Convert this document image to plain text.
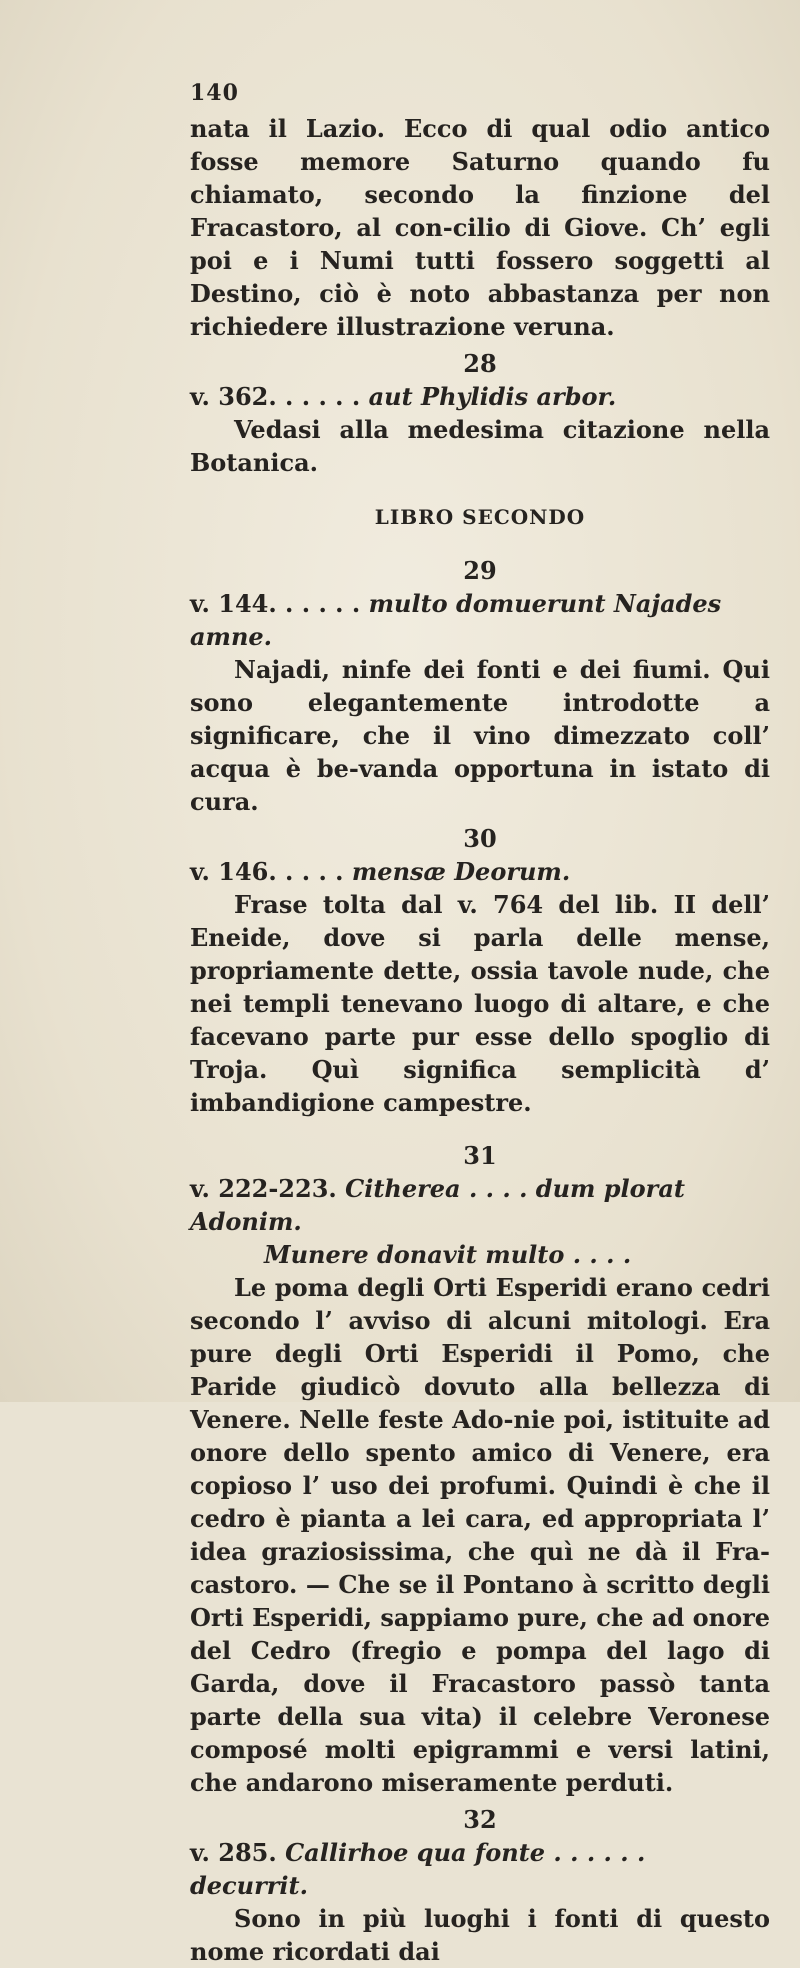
140

nata il Lazio. Ecco di qual odio antico fosse memore Saturno quando fu chiamato, secondo la finzione del Fracastoro, al con-cilio di Giove. Ch’ egli poi e i Numi tutti fossero soggetti al Destino, ciò è noto abbastanza per non richiedere illustrazione veruna.

28

v. 362. . . . . . aut Phylidis arbor.

Vedasi alla medesima citazione nella Botanica.

LIBRO SECONDO
29

v. 144. . . . . . multo domuerunt Najades amne.

Najadi, ninfe dei fonti e dei fiumi. Qui sono elegantemente introdotte a significare, che il vino dimezzato coll’ acqua è be-vanda opportuna in istato di cura.

30

v. 146. . . . . mensæ Deorum.

Frase tolta dal v. 764 del lib. II dell’ Eneide, dove si parla delle mense, propriamente dette, ossia tavole nude, che nei templi tenevano luogo di altare, e che facevano parte pur esse dello spoglio di Troja. Quì significa semplicità d’ imbandigione campestre.

31

v. 222-223. Citherea . . . . dum plorat Adonim.

Munere donavit multo . . . .

Le poma degli Orti Esperidi erano cedri secondo l’ avviso di alcuni mitologi. Era pure degli Orti Esperidi il Pomo, che Paride giudicò dovuto alla bellezza di Venere. Nelle feste Ado-nie poi, istituite ad onore dello spento amico di Venere, era copioso l’ uso dei profumi. Quindi è che il cedro è pianta a lei cara, ed appropriata l’ idea graziosissima, che quì ne dà il Fra-castoro. — Che se il Pontano à scritto degli Orti Esperidi, sappiamo pure, che ad onore del Cedro (fregio e pompa del lago di Garda, dove il Fracastoro passò tanta parte della sua vita) il celebre Veronese composé molti epigrammi e versi latini, che andarono miseramente perduti.

32

v. 285. Callirhoe qua fonte . . . . . . decurrit.

Sono in più luoghi i fonti di questo nome ricordati dai
